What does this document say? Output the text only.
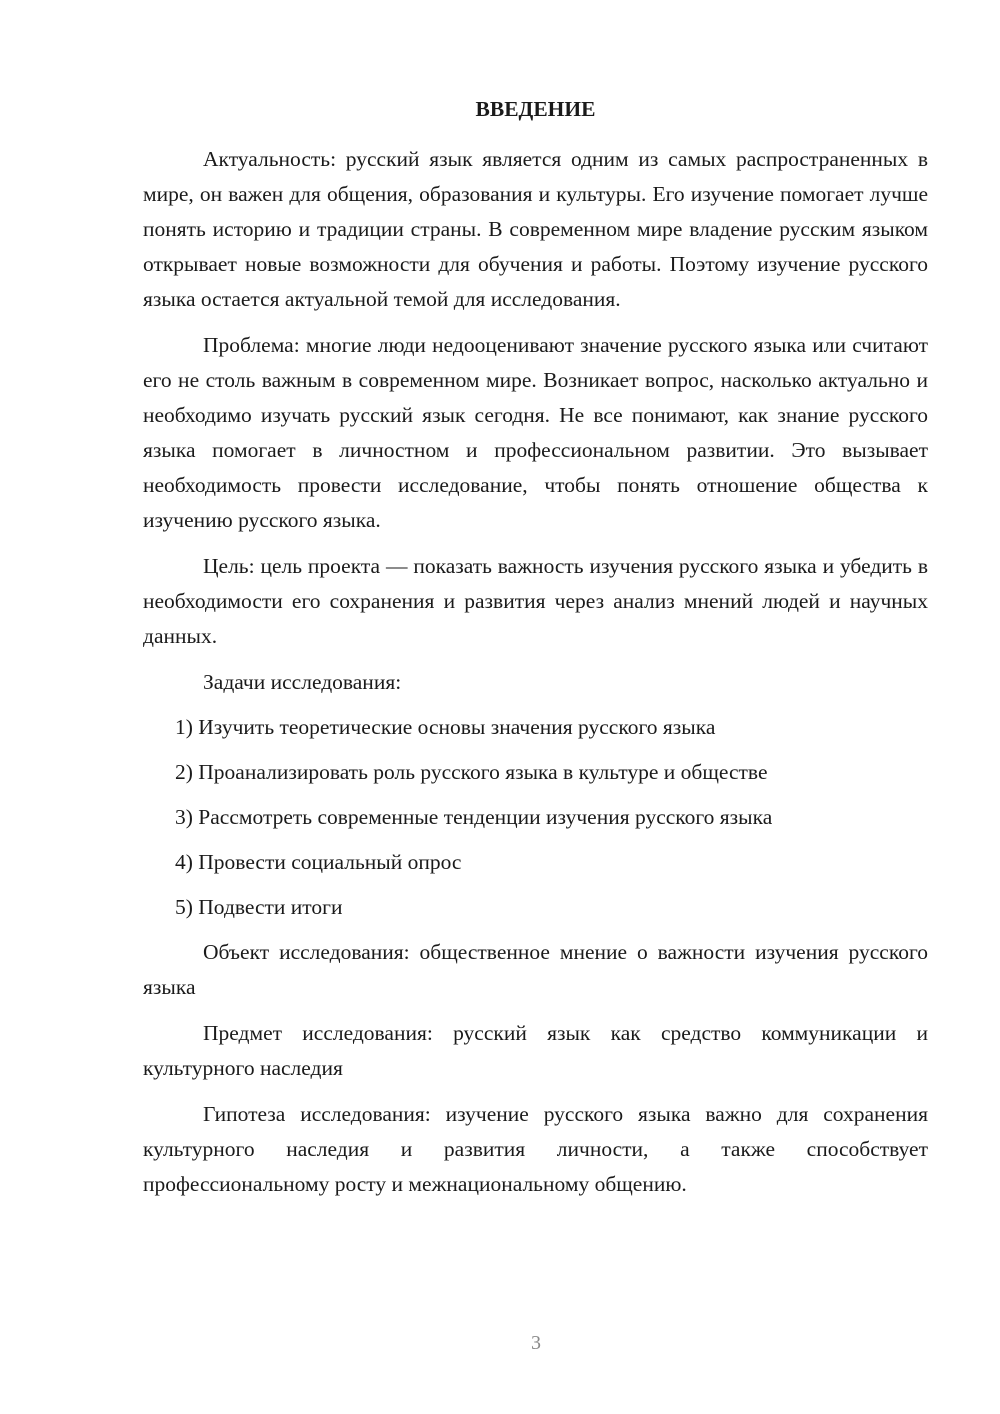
ВВЕДЕНИЕ

Актуальность: русский язык является одним из самых распространенных в мире, он важен для общения, образования и культуры. Его изучение помогает лучше понять историю и традиции страны. В современном мире владение русским языком открывает новые возможности для обучения и работы. Поэтому изучение русского языка остается актуальной темой для исследования.

Проблема: многие люди недооценивают значение русского языка или считают его не столь важным в современном мире. Возникает вопрос, насколько актуально и необходимо изучать русский язык сегодня. Не все понимают, как знание русского языка помогает в личностном и профессиональном развитии. Это вызывает необходимость провести исследование, чтобы понять отношение общества к изучению русского языка.

Цель: цель проекта — показать важность изучения русского языка и убедить в необходимости его сохранения и развития через анализ мнений людей и научных данных.

Задачи исследования:
1) Изучить теоретические основы значения русского языка
2) Проанализировать роль русского языка в культуре и обществе
3) Рассмотреть современные тенденции изучения русского языка
4) Провести социальный опрос
5) Подвести итоги

Объект исследования: общественное мнение о важности изучения русского языка

Предмет исследования: русский язык как средство коммуникации и культурного наследия

Гипотеза исследования: изучение русского языка важно для сохранения культурного наследия и развития личности, а также способствует профессиональному росту и межнациональному общению.

3
